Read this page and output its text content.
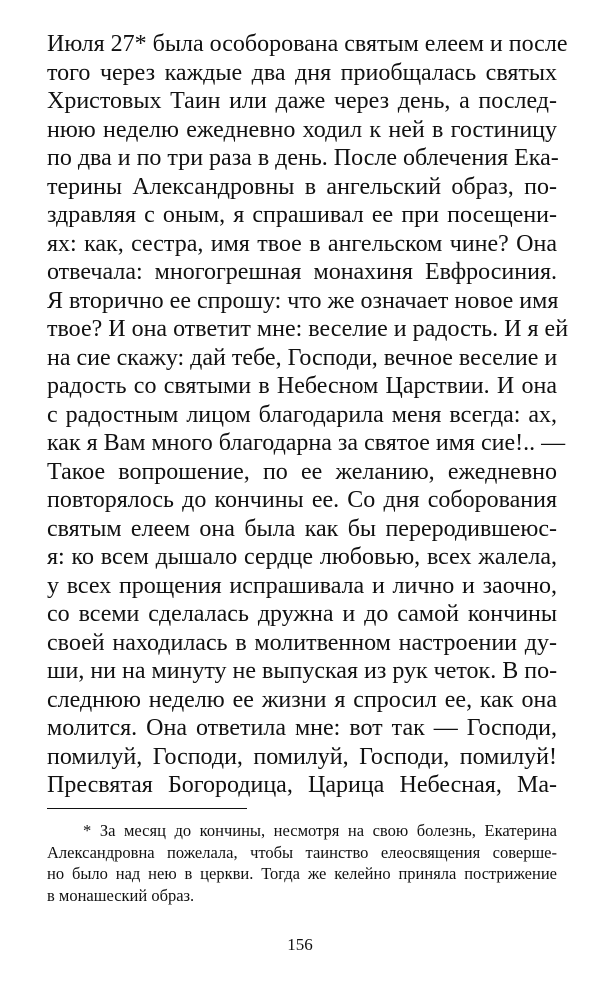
Июля 27* была особорована святым елеем и после
того через каждые два дня приобщалась святых
Христовых Таин или даже через день, а послед-
нюю неделю ежедневно ходил к ней в гостиницу
по два и по три раза в день. После облечения Ека-
терины Александровны в ангельский образ, по-
здравляя с оным, я спрашивал ее при посещени-
ях: как, сестра, имя твое в ангельском чине? Она
отвечала: многогрешная монахиня Евфросиния.
Я вторично ее спрошу: что же означает новое имя
твое? И она ответит мне: веселие и радость. И я ей
на сие скажу: дай тебе, Господи, вечное веселие и
радость со святыми в Небесном Царствии. И она
с радостным лицом благодарила меня всегда: ах,
как я Вам много благодарна за святое имя сие!.. —
Такое вопрошение, по ее желанию, ежедневно
повторялось до кончины ее. Со дня соборования
святым елеем она была как бы переродившеюс-
я: ко всем дышало сердце любовью, всех жалела,
у всех прощения испрашивала и лично и заочно,
со всеми сделалась дружна и до самой кончины
своей находилась в молитвенном настроении ду-
ши, ни на минуту не выпуская из рук четок. В по-
следнюю неделю ее жизни я спросил ее, как она
молится. Она ответила мне: вот так — Господи,
помилуй, Господи, помилуй, Господи, помилуй!
Пресвятая Богородица, Царица Небесная, Ма-
* За месяц до кончины, несмотря на свою болезнь, Екатерина
Александровна пожелала, чтобы таинство елеосвящения соверше-
но было над нею в церкви. Тогда же келейно приняла пострижение
в монашеский образ.
156
